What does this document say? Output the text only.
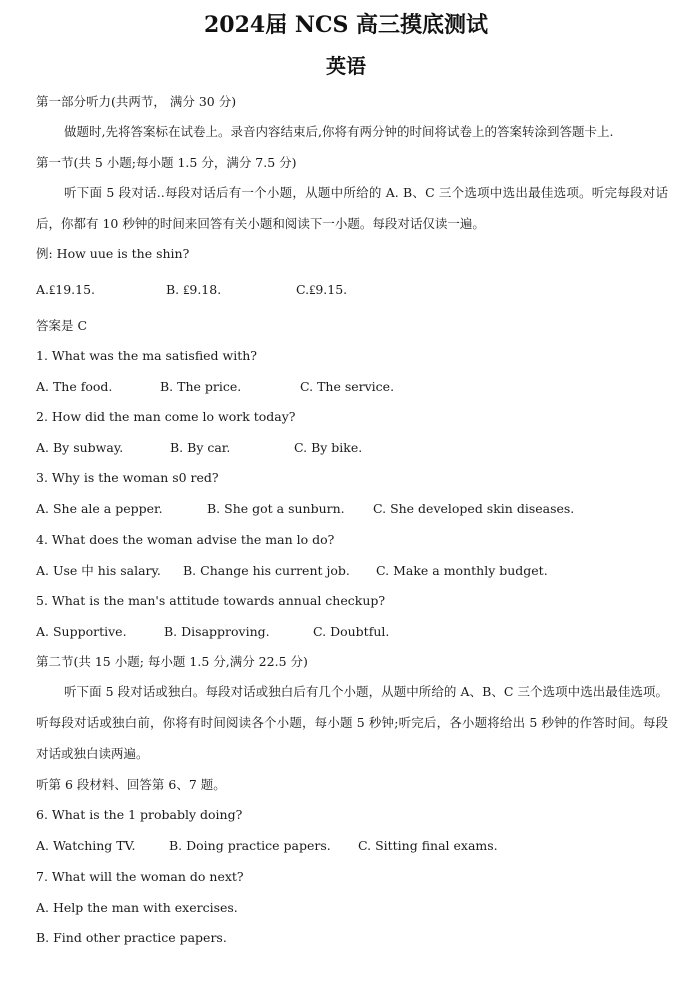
2024届 NCS 高三摸底测试
英语
第一部分听力(共两节， 满分 30 分)
做题时,先将答案标在试卷上。录音内容结束后,你将有两分钟的时间将试卷上的答案转涂到答题卡上.
第一节(共 5 小题;每小题 1.5 分，满分 7.5 分)
听下面 5 段对话..每段对话后有一个小题，从题中所给的 A. B、C 三个选项中选出最佳选项。听完每段对话后，你都有 10 秒钟的时间来回答有关小题和阅读下一小题。每段对话仅读一遍。
例: How uue is the shin?
A.₤19.15.	B. ₤9.18.	C.₤9.15.
答案是 C
1. What was the ma satisfied with?
A. The food.	B. The price.	C. The service.
2. How did the man come lo work today?
A. By subway.	B. By car.	C. By bike.
3. Why is the woman s0 red?
A. She ale a pepper.	B. She got a sunburn. C. She developed skin diseases.
4. What does the woman advise the man lo do?
A. Use 中 his salary. B. Change his current job. C. Make a monthly budget.
5. What is the man's attitude towards annual checkup?
A. Supportive.	B. Disapproving.	C. Doubtful.
第二节(共 15 小题; 每小题 1.5 分,满分 22.5 分)
听下面 5 段对话或独白。每段对话或独白后有几个小题，从题中所给的 A、B、C 三个选项中选出最佳选项。听每段对话或独白前，你将有时间阅读各个小题，每小题 5 秒钟;听完后，各小题将给出 5 秒钟的作答时间。每段对话或独白读两遍。
听第 6 段材料、回答第 6、7 题。
6. What is the 1 probably doing?
A. Watching TV.	B. Doing practice papers. C. Sitting final exams.
7. What will the woman do next?
A. Help the man with exercises.
B. Find other practice papers.
